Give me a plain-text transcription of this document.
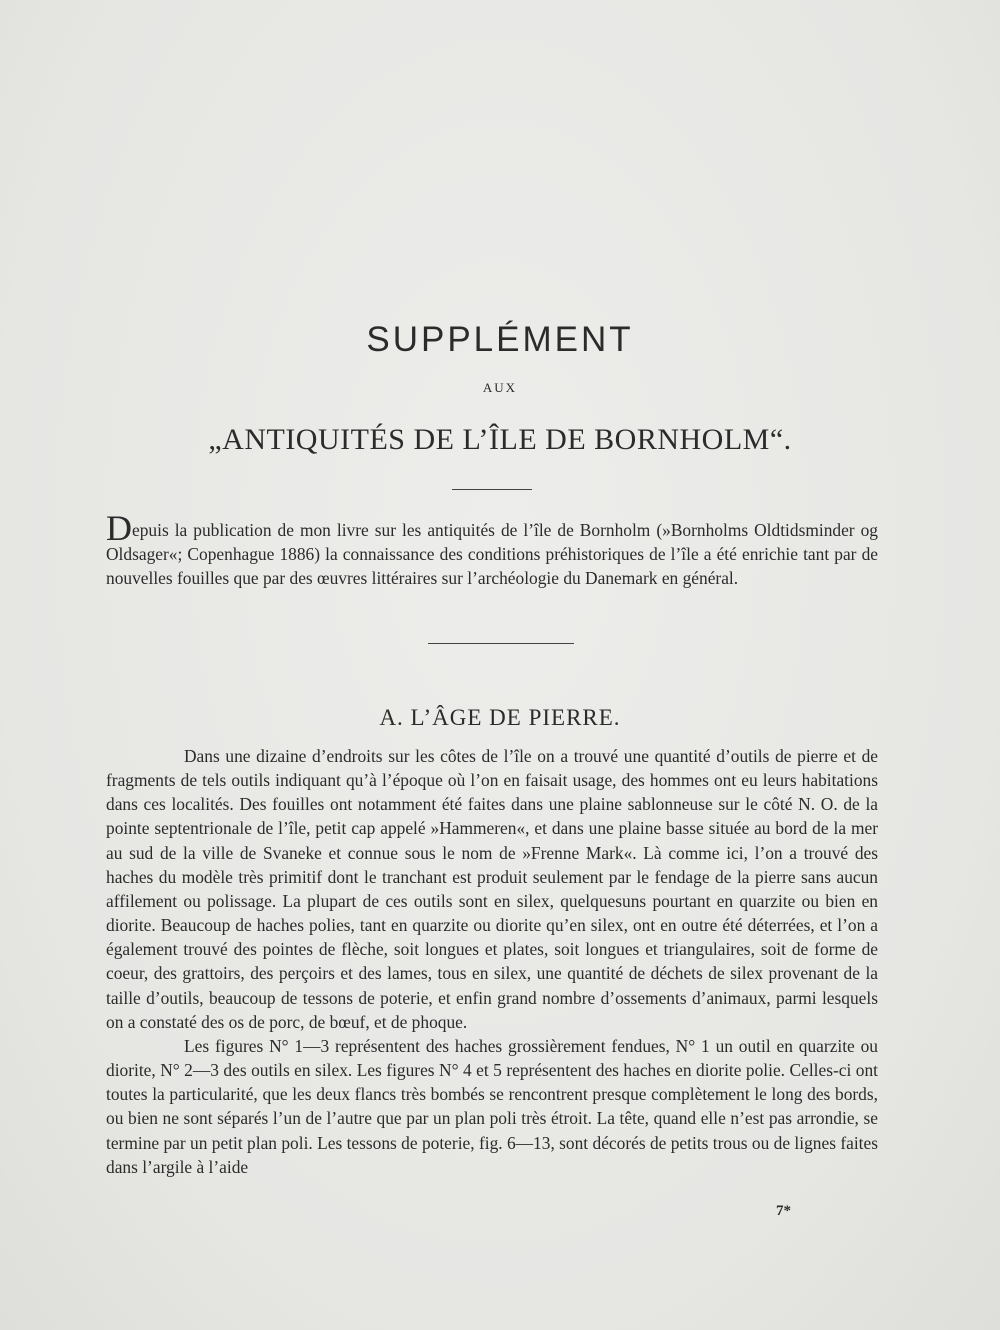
SUPPLÉMENT
AUX
„ANTIQUITÉS DE L’ÎLE DE BORNHOLM“.

Depuis la publication de mon livre sur les antiquités de l’île de Bornholm (»Bornholms Oldtidsminder og Oldsager«; Copenhague 1886) la connaissance des conditions préhistoriques de l’île a été enrichie tant par de nouvelles fouilles que par des œuvres littéraires sur l’archéologie du Danemark en général.

A. L’ÂGE DE PIERRE.

Dans une dizaine d’endroits sur les côtes de l’île on a trouvé une quantité d’outils de pierre et de fragments de tels outils indiquant qu’à l’époque où l’on en faisait usage, des hommes ont eu leurs habitations dans ces localités. Des fouilles ont notamment été faites dans une plaine sablonneuse sur le côté N. O. de la pointe septentrionale de l’île, petit cap appelé »Hammeren«, et dans une plaine basse située au bord de la mer au sud de la ville de Svaneke et connue sous le nom de »Frenne Mark«. Là comme ici, l’on a trouvé des haches du modèle très primitif dont le tranchant est produit seulement par le fendage de la pierre sans aucun affilement ou polissage. La plupart de ces outils sont en silex, quelquesuns pourtant en quarzite ou bien en diorite. Beaucoup de haches polies, tant en quarzite ou diorite qu’en silex, ont en outre été déterrées, et l’on a également trouvé des pointes de flèche, soit longues et plates, soit longues et triangulaires, soit de forme de coeur, des grattoirs, des perçoirs et des lames, tous en silex, une quantité de déchets de silex provenant de la taille d’outils, beaucoup de tessons de poterie, et enfin grand nombre d’ossements d’animaux, parmi lesquels on a constaté des os de porc, de bœuf, et de phoque.

Les figures N° 1—3 représentent des haches grossièrement fendues, N° 1 un outil en quarzite ou diorite, N° 2—3 des outils en silex. Les figures N° 4 et 5 représentent des haches en diorite polie. Celles-ci ont toutes la particularité, que les deux flancs très bombés se rencontrent presque complètement le long des bords, ou bien ne sont séparés l’un de l’autre que par un plan poli très étroit. La tête, quand elle n’est pas arrondie, se termine par un petit plan poli. Les tessons de poterie, fig. 6—13, sont décorés de petits trous ou de lignes faites dans l’argile à l’aide

7*
